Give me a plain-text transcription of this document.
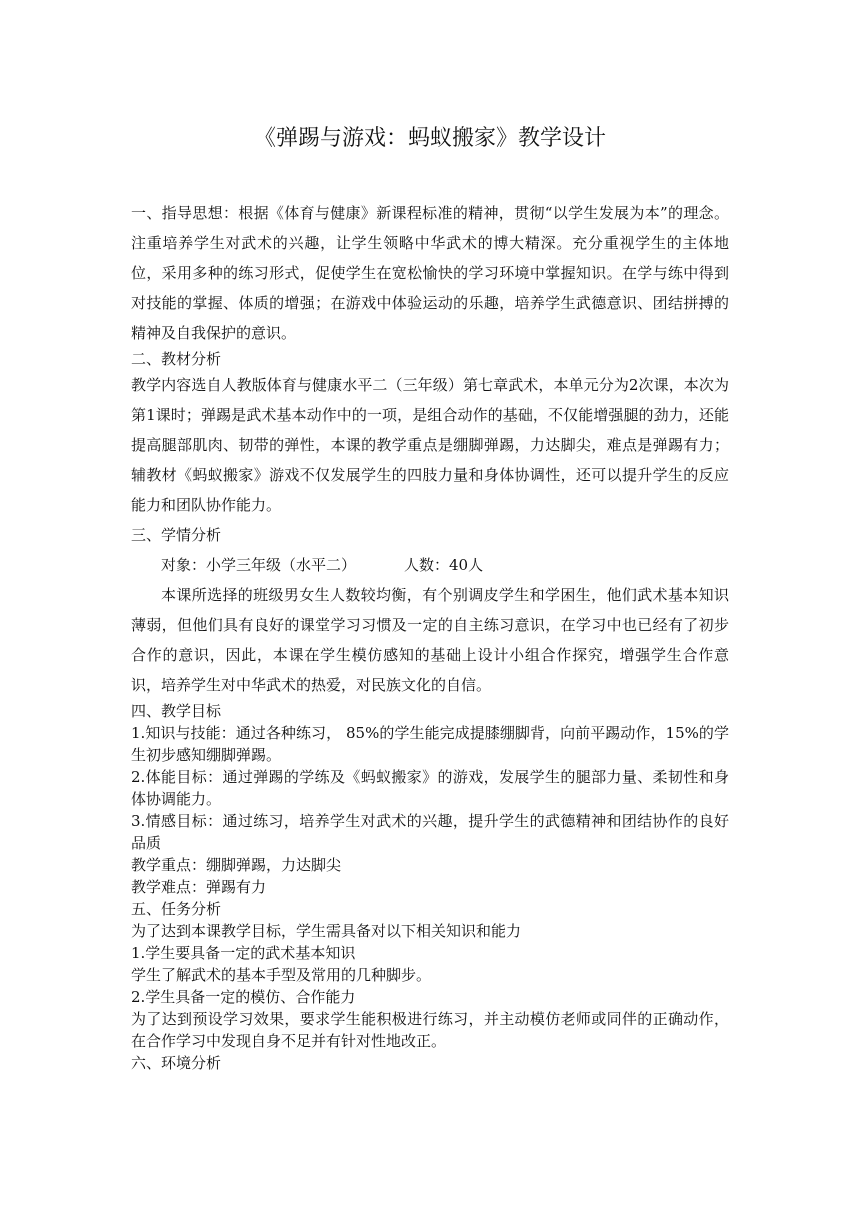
《弹踢与游戏：蚂蚁搬家》教学设计

一、指导思想：根据《体育与健康》新课程标准的精神，贯彻“以学生发展为本”的理念。注重培养学生对武术的兴趣，让学生领略中华武术的博大精深。充分重视学生的主体地位，采用多种的练习形式，促使学生在宽松愉快的学习环境中掌握知识。在学与练中得到对技能的掌握、体质的增强；在游戏中体验运动的乐趣，培养学生武德意识、团结拼搏的精神及自我保护的意识。

二、教材分析

教学内容选自人教版体育与健康水平二（三年级）第七章武术，本单元分为2次课，本次为第1课时；弹踢是武术基本动作中的一项，是组合动作的基础，不仅能增强腿的劲力，还能提高腿部肌肉、韧带的弹性，本课的教学重点是绷脚弹踢，力达脚尖，难点是弹踢有力；辅教材《蚂蚁搬家》游戏不仅发展学生的四肢力量和身体协调性，还可以提升学生的反应能力和团队协作能力。

三、学情分析

对象：小学三年级（水平二）	人数：40人

本课所选择的班级男女生人数较均衡，有个别调皮学生和学困生，他们武术基本知识薄弱，但他们具有良好的课堂学习习惯及一定的自主练习意识，在学习中也已经有了初步合作的意识，因此，本课在学生模仿感知的基础上设计小组合作探究，增强学生合作意识，培养学生对中华武术的热爱，对民族文化的自信。

四、教学目标

1.知识与技能：通过各种练习， 85%的学生能完成提膝绷脚背，向前平踢动作，15%的学生初步感知绷脚弹踢。

2.体能目标：通过弹踢的学练及《蚂蚁搬家》的游戏，发展学生的腿部力量、柔韧性和身体协调能力。

3.情感目标：通过练习，培养学生对武术的兴趣，提升学生的武德精神和团结协作的良好品质

教学重点：绷脚弹踢，力达脚尖

教学难点：弹踢有力

五、任务分析

为了达到本课教学目标，学生需具备对以下相关知识和能力

1.学生要具备一定的武术基本知识

学生了解武术的基本手型及常用的几种脚步。

2.学生具备一定的模仿、合作能力

为了达到预设学习效果，要求学生能积极进行练习，并主动模仿老师或同伴的正确动作，在合作学习中发现自身不足并有针对性地改正。

六、环境分析
